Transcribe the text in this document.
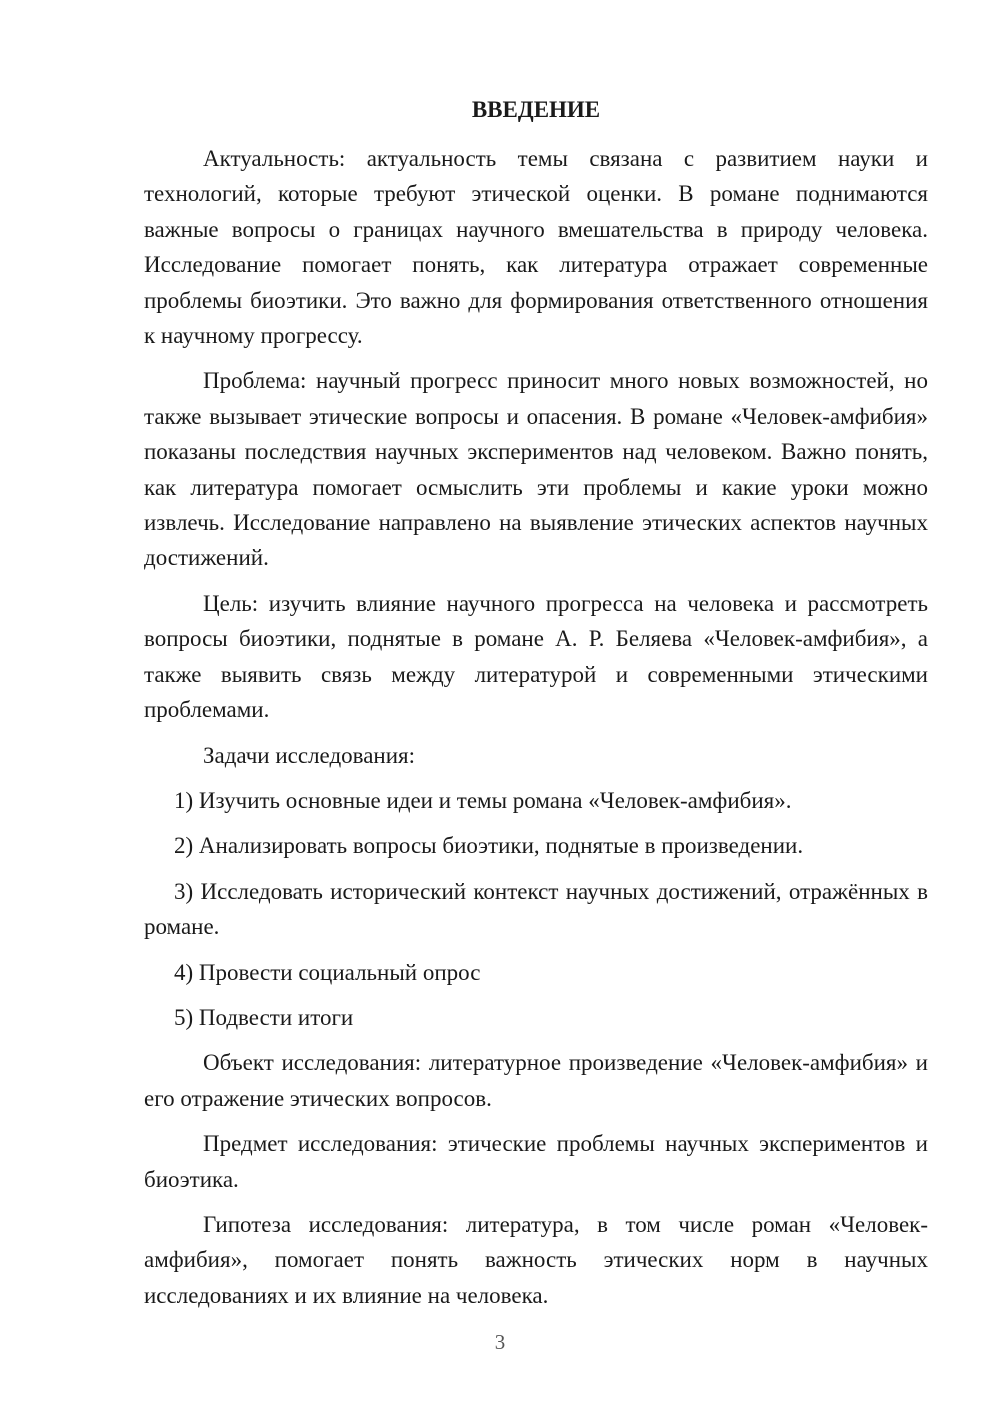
ВВЕДЕНИЕ

Актуальность: актуальность темы связана с развитием науки и технологий, которые требуют этической оценки. В романе поднимаются важные вопросы о границах научного вмешательства в природу человека. Исследование помогает понять, как литература отражает современные проблемы биоэтики. Это важно для формирования ответственного отношения к научному прогрессу.

Проблема: научный прогресс приносит много новых возможностей, но также вызывает этические вопросы и опасения. В романе «Человек-амфибия» показаны последствия научных экспериментов над человеком. Важно понять, как литература помогает осмыслить эти проблемы и какие уроки можно извлечь. Исследование направлено на выявление этических аспектов научных достижений.

Цель: изучить влияние научного прогресса на человека и рассмотреть вопросы биоэтики, поднятые в романе А. Р. Беляева «Человек-амфибия», а также выявить связь между литературой и современными этическими проблемами.

Задачи исследования:

1) Изучить основные идеи и темы романа «Человек-амфибия».

2) Анализировать вопросы биоэтики, поднятые в произведении.

3) Исследовать исторический контекст научных достижений, отражённых в романе.

4) Провести социальный опрос

5) Подвести итоги

Объект исследования: литературное произведение «Человек-амфибия» и его отражение этических вопросов.

Предмет исследования: этические проблемы научных экспериментов и биоэтика.

Гипотеза исследования: литература, в том числе роман «Человек-амфибия», помогает понять важность этических норм в научных исследованиях и их влияние на человека.

3
